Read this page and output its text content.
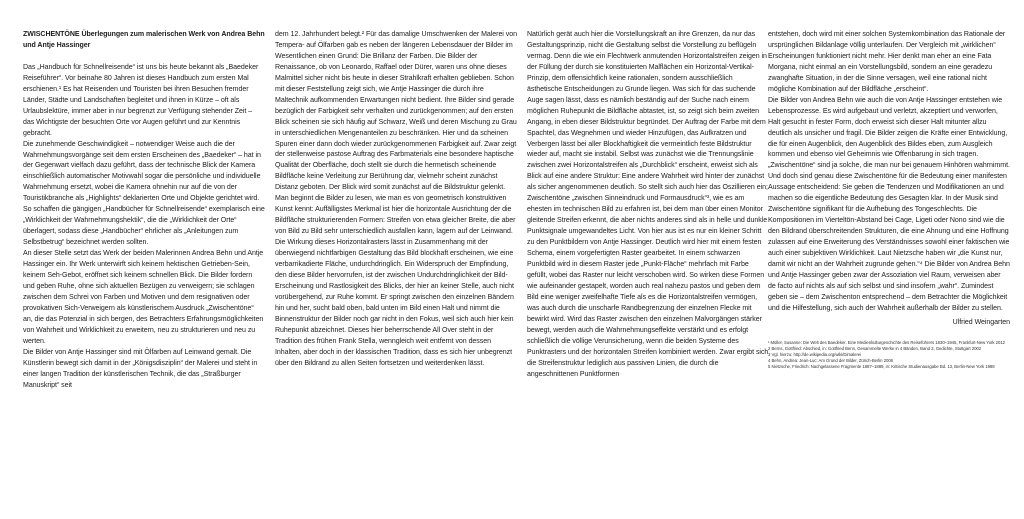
ZWISCHENTÖNE Überlegungen zum malerischen Werk von Andrea Behn und Antje Hassinger

Das „Handbuch für Schnellreisende“ ist uns bis heute bekannt als „Baedeker Reiseführer“. Vor beinahe 80 Jahren ist dieses Handbuch zum ersten Mal erschienen.¹ Es hat Reisenden und Touristen bei ihren Besuchen fremder Länder, Städte und Landschaften begleitet und ihnen in Kürze – oft als Urlaubslektüre, immer aber in nur begrenzt zur Verfügung stehender Zeit – das Wichtigste der besuchten Orte vor Augen geführt und zur Kenntnis gebracht.

Die zunehmende Geschwindigkeit – notwendiger Weise auch die der Wahrnehmungsvorgänge seit dem ersten Erscheinen des „Baedeker“ – hat in der Gegenwart vielfach dazu geführt, dass der technische Blick der Kamera einschließlich automatischer Motivwahl sogar die persönliche und individuelle Wahrnehmung ersetzt, wobei die Kamera ohnehin nur auf die von der Touristikbranche als „Highlights“ deklarierten Orte und Objekte gerichtet wird. So schaffen die gängigen „Handbücher für Schnellreisende“ exemplarisch eine „Wirklichkeit der Wahrnehmungshektik“, die die „Wirklichkeit der Orte“ überlagert, sodass diese „Handbücher“ ehrlicher als „Anleitungen zum Selbstbetrug“ bezeichnet werden sollten.

An dieser Stelle setzt das Werk der beiden Malerinnen Andrea Behn und Antje Hassinger ein. Ihr Werk unterwirft sich keinem hektischen Getrieben-Sein, keinem Seh-Gebot, eröffnet sich keinem schnellen Blick. Die Bilder fordern und geben Ruhe, ohne sich aktuellen Bezügen zu verweigern; sie schlagen zwischen dem Schrei von Farben und Motiven und dem resignativen oder provokativen Sich-Verweigern als künstlerischem Ausdruck „Zwischentöne“ an, die das Potenzial in sich bergen, des Betrachters Erfahrungsmöglichkeiten von Wahrheit und Wirklichkeit zu erweitern, neu zu strukturieren und neu zu werten.

Die Bilder von Antje Hassinger sind mit Ölfarben auf Leinwand gemalt. Die Künstlerin bewegt sich damit in der „Königsdisziplin“ der Malerei und steht in einer langen Tradition der künstlerischen Technik, die das „Straßburger Manuskript“ seit

dem 12. Jahrhundert belegt.² Für das damalige Umschwenken der Malerei von Tempera- auf Ölfarben gab es neben der längeren Lebensdauer der Bilder im Wesentlichen einen Grund: Die Brillanz der Farben. Die Bilder der Renaissance, ob von Leonardo, Raffael oder Dürer, waren uns ohne dieses Malmittel sicher nicht bis heute in dieser Strahlkraft erhalten geblieben. Schon mit dieser Feststellung zeigt sich, wie Antje Hassinger die durch ihre Maltechnik aufkommenden Erwartungen nicht bedient. Ihre Bilder sind gerade bezüglich der Farbigkeit sehr verhalten und zurückgenommen; auf den ersten Blick scheinen sie sich häufig auf Schwarz, Weiß und deren Mischung zu Grau in unterschiedlichen Mengenanteilen zu beschränken. Hier und da scheinen Spuren einer dann doch wieder zurückgenommenen Farbigkeit auf. Zwar zeigt der stellenweise pastose Auftrag des Farbmaterials eine besondere haptische Qualität der Oberfläche, doch stellt sie durch die hermetisch scheinende Bildfläche keine Verleitung zur Berührung dar, vielmehr scheint zunächst Distanz geboten. Der Blick wird somit zunächst auf die Bildstruktur gelenkt. Man beginnt die Bilder zu lesen, wie man es von geometrisch konstruktiven Kunst kennt: Auffälligstes Merkmal ist hier die horizontale Ausrichtung der die Bildfläche strukturierenden Formen: Streifen von etwa gleicher Breite, die aber von Bild zu Bild sehr unterschiedlich ausfallen kann, lagern auf der Leinwand. Die Wirkung dieses Horizontalrasters lässt in Zusammenhang mit der überwiegend nichtfarbigen Gestaltung das Bild blockhaft erscheinen, wie eine verbarrikadierte Fläche, undurchdringlich. Ein Widerspruch der Empfindung, den diese Bilder hervorrufen, ist der zwischen Undurchdringlichkeit der Bild-Erscheinung und Rastlosigkeit des Blicks, der hier an keiner Stelle, auch nicht vorübergehend, zur Ruhe kommt. Er springt zwischen den einzelnen Bändern hin und her, sucht bald oben, bald unten im Bild einen Halt und nimmt die Binnenstruktur der Bilder noch gar nicht in den Fokus, weil sich auch hier kein Ruhepunkt abzeichnet. Dieses hier beherrschende All Over steht in der Tradition des frühen Frank Stella, wenngleich weit entfernt von dessen Inhalten, aber doch in der klassischen Tradition, dass es sich hier unbegrenzt über den Bildrand zu allen Seiten fortsetzen und weiterdenken lässt.

Natürlich gerät auch hier die Vorstellungskraft an ihre Grenzen, da nur das Gestaltungsprinzip, nicht die Gestaltung selbst die Vorstellung zu beflügeln vermag. Denn die wie ein Flechtwerk anmutenden Horizontalstreifen zeigen in der Füllung der durch sie konstituierten Malflächen ein Horizontal-Vertikal-Prinzip, dem offensichtlich keine rationalen, sondern ausschließlich ästhetische Entscheidungen zu Grunde liegen. Was sich für das suchende Auge sagen lässt, dass es nämlich beständig auf der Suche nach einem möglichen Ruhepunkt die Bildfläche abtastet, ist, so zeigt sich beim zweiten Angang, in eben dieser Bildstruktur begründet. Der Auftrag der Farbe mit dem Spachtel, das Wegnehmen und wieder Hinzufügen, das Aufkratzen und Verbergen lässt bei aller Blockhaftigkeit die vermeintlich feste Bildstruktur wieder auf, macht sie instabil. Selbst was zunächst wie die Trennungslinie zwischen zwei Horizontalstreifen als „Durchblick“ erscheint, erweist sich als Blick auf eine andere Struktur: Eine andere Wahrheit wird hinter der zunächst als sicher angenommenen deutlich. So stellt sich auch hier das Oszillieren ein; Zwischentöne „zwischen Sinneindruck und Formausdruck“³, wie es am ehesten im technischen Bild zu erfahren ist, bei dem man über einen Monitor gleitende Streifen erkennt, die aber nichts anderes sind als in helle und dunkle Punktsignale umgewandeltes Licht. Von hier aus ist es nur ein kleiner Schritt zu den Punktbildern von Antje Hassinger. Deutlich wird hier mit einem festen Schema, einem vorgefertigten Raster gearbeitet. In einem schwarzen Punktbild wird in diesem Raster jede „Punkt-Fläche“ mehrfach mit Farbe gefüllt, wobei das Raster nur leicht verschoben wird. So wirken diese Formen wie aufeinander gestapelt, worden auch real nahezu pastos und geben dem Bild eine weniger zweifelhafte Tiefe als es die Horizontalstreifen vermögen, was auch durch die unscharfe Randbegrenzung der einzelnen Flecke mit bewirkt wird. Wird das Raster zwischen den einzelnen Malvorgängen stärker bewegt, werden auch die Wahrnehmungseffekte verstärkt und es erfolgt schließlich die völlige Verunsicherung, wenn die beiden Systeme des Punktrasters und der horizontalen Streifen kombiniert werden. Zwar ergibt sich die Streifenstruktur lediglich aus passiven Linien, die durch die angeschnittenen Punktformen

entstehen, doch wird mit einer solchen Systemkombination das Rationale der ursprünglichen Bildanlage völlig unterlaufen. Der Vergleich mit „wirklichen“ Erscheinungen funktioniert nicht mehr. Hier denkt man eher an eine Fata Morgana, nicht einmal an ein Vorstellungsbild, sondern an eine geradezu zwanghafte Situation, in der die Sinne versagen, weil eine rational nicht mögliche Kombination auf der Bildfläche „erscheint“.

Die Bilder von Andrea Behn wie auch die von Antje Hassinger entstehen wie Lebensprozesse. Es wird aufgebaut und verletzt, akzeptiert und verworfen, Halt gesucht in fester Form, doch erweist sich dieser Halt mitunter allzu deutlich als unsicher und fragil. Die Bilder zeigen die Kräfte einer Entwicklung, die für einen Augenblick, den Augenblick des Bildes eben, zum Ausgleich kommen und ebenso viel Geheimnis wie Offenbarung in sich tragen. „Zwischentöne“ sind ja solche, die man nur bei genauem Hinhören wahrnimmt. Und doch sind genau diese Zwischentöne für die Bedeutung einer manifesten Aussage entscheidend: Sie geben die Tendenzen und Modifikationen an und machen so die eigentliche Bedeutung des Gesagten klar. In der Musik sind Zwischentöne signifikant für die Aufhebung des Tongeschlechts. Die Kompositionen im Vierteltön-Abstand bei Cage, Ligeti oder Nono sind wie die den Bildrand überschreitenden Strukturen, die eine Ahnung und eine Hoffnung zulassen auf eine Erweiterung des Verständnisses sowohl einer faktischen wie auch einer subjektiven Wirklichkeit. Laut Nietzsche haben wir „die Kunst nur, damit wir nicht an der Wahrheit zugrunde gehen.“⁴ Die Bilder von Andrea Behn und Antje Hassinger geben zwar der Assoziation viel Raum, verweisen aber de facto auf nichts als auf sich selbst und sind insofern „wahr“. Zumindest geben sie – dem Zwischenton entsprechend – dem Betrachter die Möglichkeit und die Hilfestellung, sich auch der Wahrheit außerhalb der Bilder zu stellen.

Ulfried Weingarten
¹ Müller, Susanne: Die Welt des Baedeker. Eine Medienkulturgeschichte des Reiseführers 1830–1945, Frankfurt-New York 2012
2 Berns, Gottfried: Abschied, in: Gottfried Benn, Gesammelte Werke in 4 Bänden, Band 3, Gedichte, Stuttgart 2002
3 Vgl. hierzu: http://de.wikipedia.org/wiki/Dimalerei
4 Behn, Andrea: Jean-Luc: Am Grund der Bilder, Zürich-Berlin 2006
5 Nietzsche, Friedrich: Nachgelassene Fragmente 1887–1889, in: Kritische Studienausgabe Bd. 13, Berlin-New York 1988
